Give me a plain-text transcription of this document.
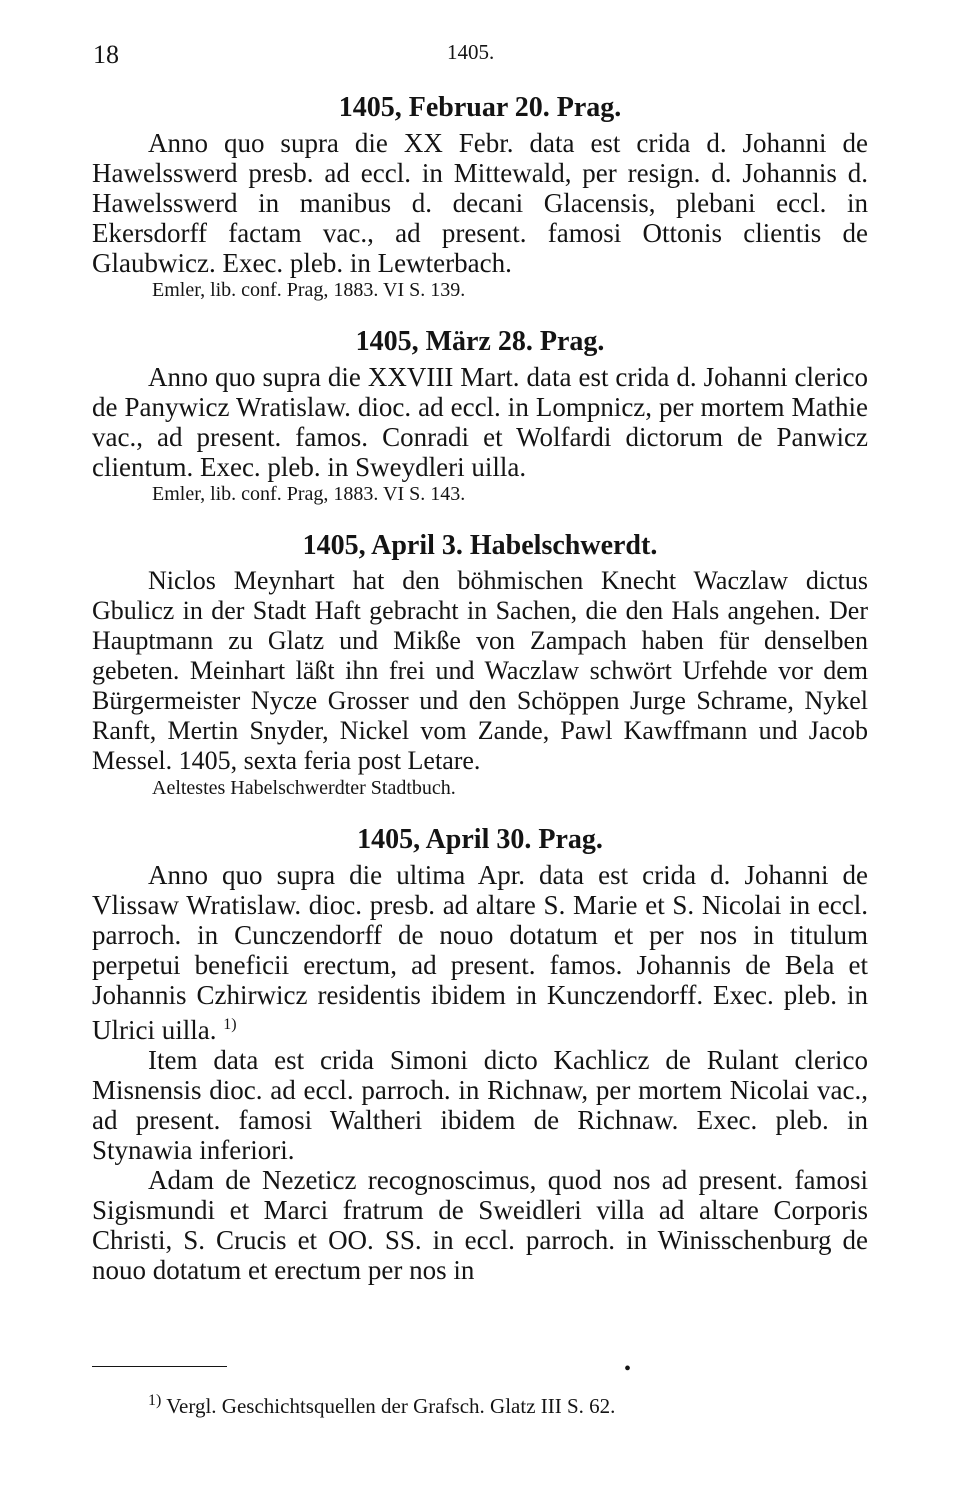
18	1405.
1405, Februar 20. Prag.

Anno quo supra die XX Febr. data est crida d. Johanni de Hawelsswerd presb. ad eccl. in Mittewald, per resign. d. Johannis d. Hawelsswerd in manibus d. decani Glacensis, plebani eccl. in Ekersdorff factam vac., ad present. famosi Ottonis clientis de Glaubwicz. Exec. pleb. in Lewterbach.

Emler, lib. conf. Prag, 1883. VI S. 139.
1405, März 28. Prag.

Anno quo supra die XXVIII Mart. data est crida d. Johanni clerico de Panywicz Wratislaw. dioc. ad eccl. in Lompnicz, per mortem Mathie vac., ad present. famos. Conradi et Wolfardi dictorum de Panwicz clientum. Exec. pleb. in Sweydleri uilla.

Emler, lib. conf. Prag, 1883. VI S. 143.
1405, April 3. Habelschwerdt.

Niclos Meynhart hat den böhmischen Knecht Waczlaw dictus Gbulicz in der Stadt Haft gebracht in Sachen, die den Hals angehen. Der Hauptmann zu Glatz und Mikße von Zampach haben für denselben gebeten. Meinhart läßt ihn frei und Waczlaw schwört Urfehde vor dem Bürgermeister Nycze Grosser und den Schöppen Jurge Schrame, Nykel Ranft, Mertin Snyder, Nickel vom Zande, Pawl Kawffmann und Jacob Messel. 1405, sexta feria post Letare.

Aeltestes Habelschwerdter Stadtbuch.
1405, April 30. Prag.

Anno quo supra die ultima Apr. data est crida d. Johanni de Vlissaw Wratislaw. dioc. presb. ad altare S. Marie et S. Nicolai in eccl. parroch. in Cunczendorff de nouo dotatum et per nos in titulum perpetui beneficii erectum, ad present. famos. Johannis de Bela et Johannis Czhirwicz residentis ibidem in Kunczendorff. Exec. pleb. in Ulrici uilla. $^{1)}$

Item data est crida Simoni dicto Kachlicz de Rulant clerico Misnensis dioc. ad eccl. parroch. in Richnaw, per mortem Nicolai vac., ad present. famosi Waltheri ibidem de Richnaw. Exec. pleb. in Stynawia inferiori.

Adam de Nezeticz recognoscimus, quod nos ad present. famosi Sigismundi et Marci fratrum de Sweidleri villa ad altare Corporis Christi, S. Crucis et OO. SS. in eccl. parroch. in Winisschenburg de nouo dotatum et erectum per nos in

•
$^{1)}$ Vergl. Geschichtsquellen der Grafsch. Glatz III S. 62.
